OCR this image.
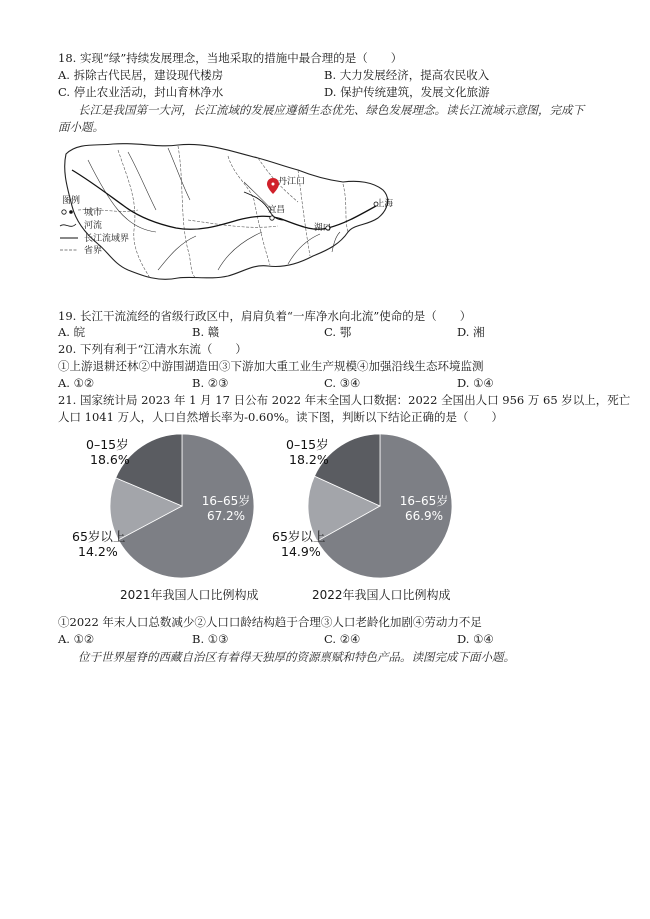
18. 实现“绿”持续发展理念，当地采取的措施中最合理的是（　　）
A. 拆除古代民居，建设现代楼房	B. 大力发展经济，提高农民收入
C. 停止农业活动，封山育林净水	D. 保护传统建筑，发展文化旅游
长江是我国第一大河，长江流域的发展应遵循生态优先、绿色发展理念。读长江流域示意图，完成下
面小题。
丹江口
宜昌
湖口
上海
图例
城市
河流
长江流域界
省界
19. 长江干流流经的省级行政区中，肩肩负着“一库净水向北流”使命的是（　　）
A. 皖	B. 赣	C. 鄂	D. 湘
20. 下列有利于“江清水东流（　　）
①上游退耕还林②中游围湖造田③下游加大重工业生产规模④加强沿线生态环境监测
A. ①②	B. ②③	C. ③④	D. ①④
21. 国家统计局 2023 年 1 月 17 日公布 2022 年末全国人口数据：2022 全国出人口 956 万 65 岁以上，死亡
人口 1041 万人，人口自然增长率为-0.60%。读下图，判断以下结论正确的是（　　）
0–15岁
18.6%
16–65岁
67.2%
65岁以上
14.2%
2021年我国人口比例构成
0–15岁
18.2%
16–65岁
66.9%
65岁以上
14.9%
2022年我国人口比例构成
①2022 年末人口总数减少②人口口龄结构趋于合理③人口老龄化加剧④劳动力不足
A. ①②	B. ①③	C. ②④	D. ①④
位于世界屋脊的西藏自治区有着得天独厚的资源禀赋和特色产品。读图完成下面小题。
